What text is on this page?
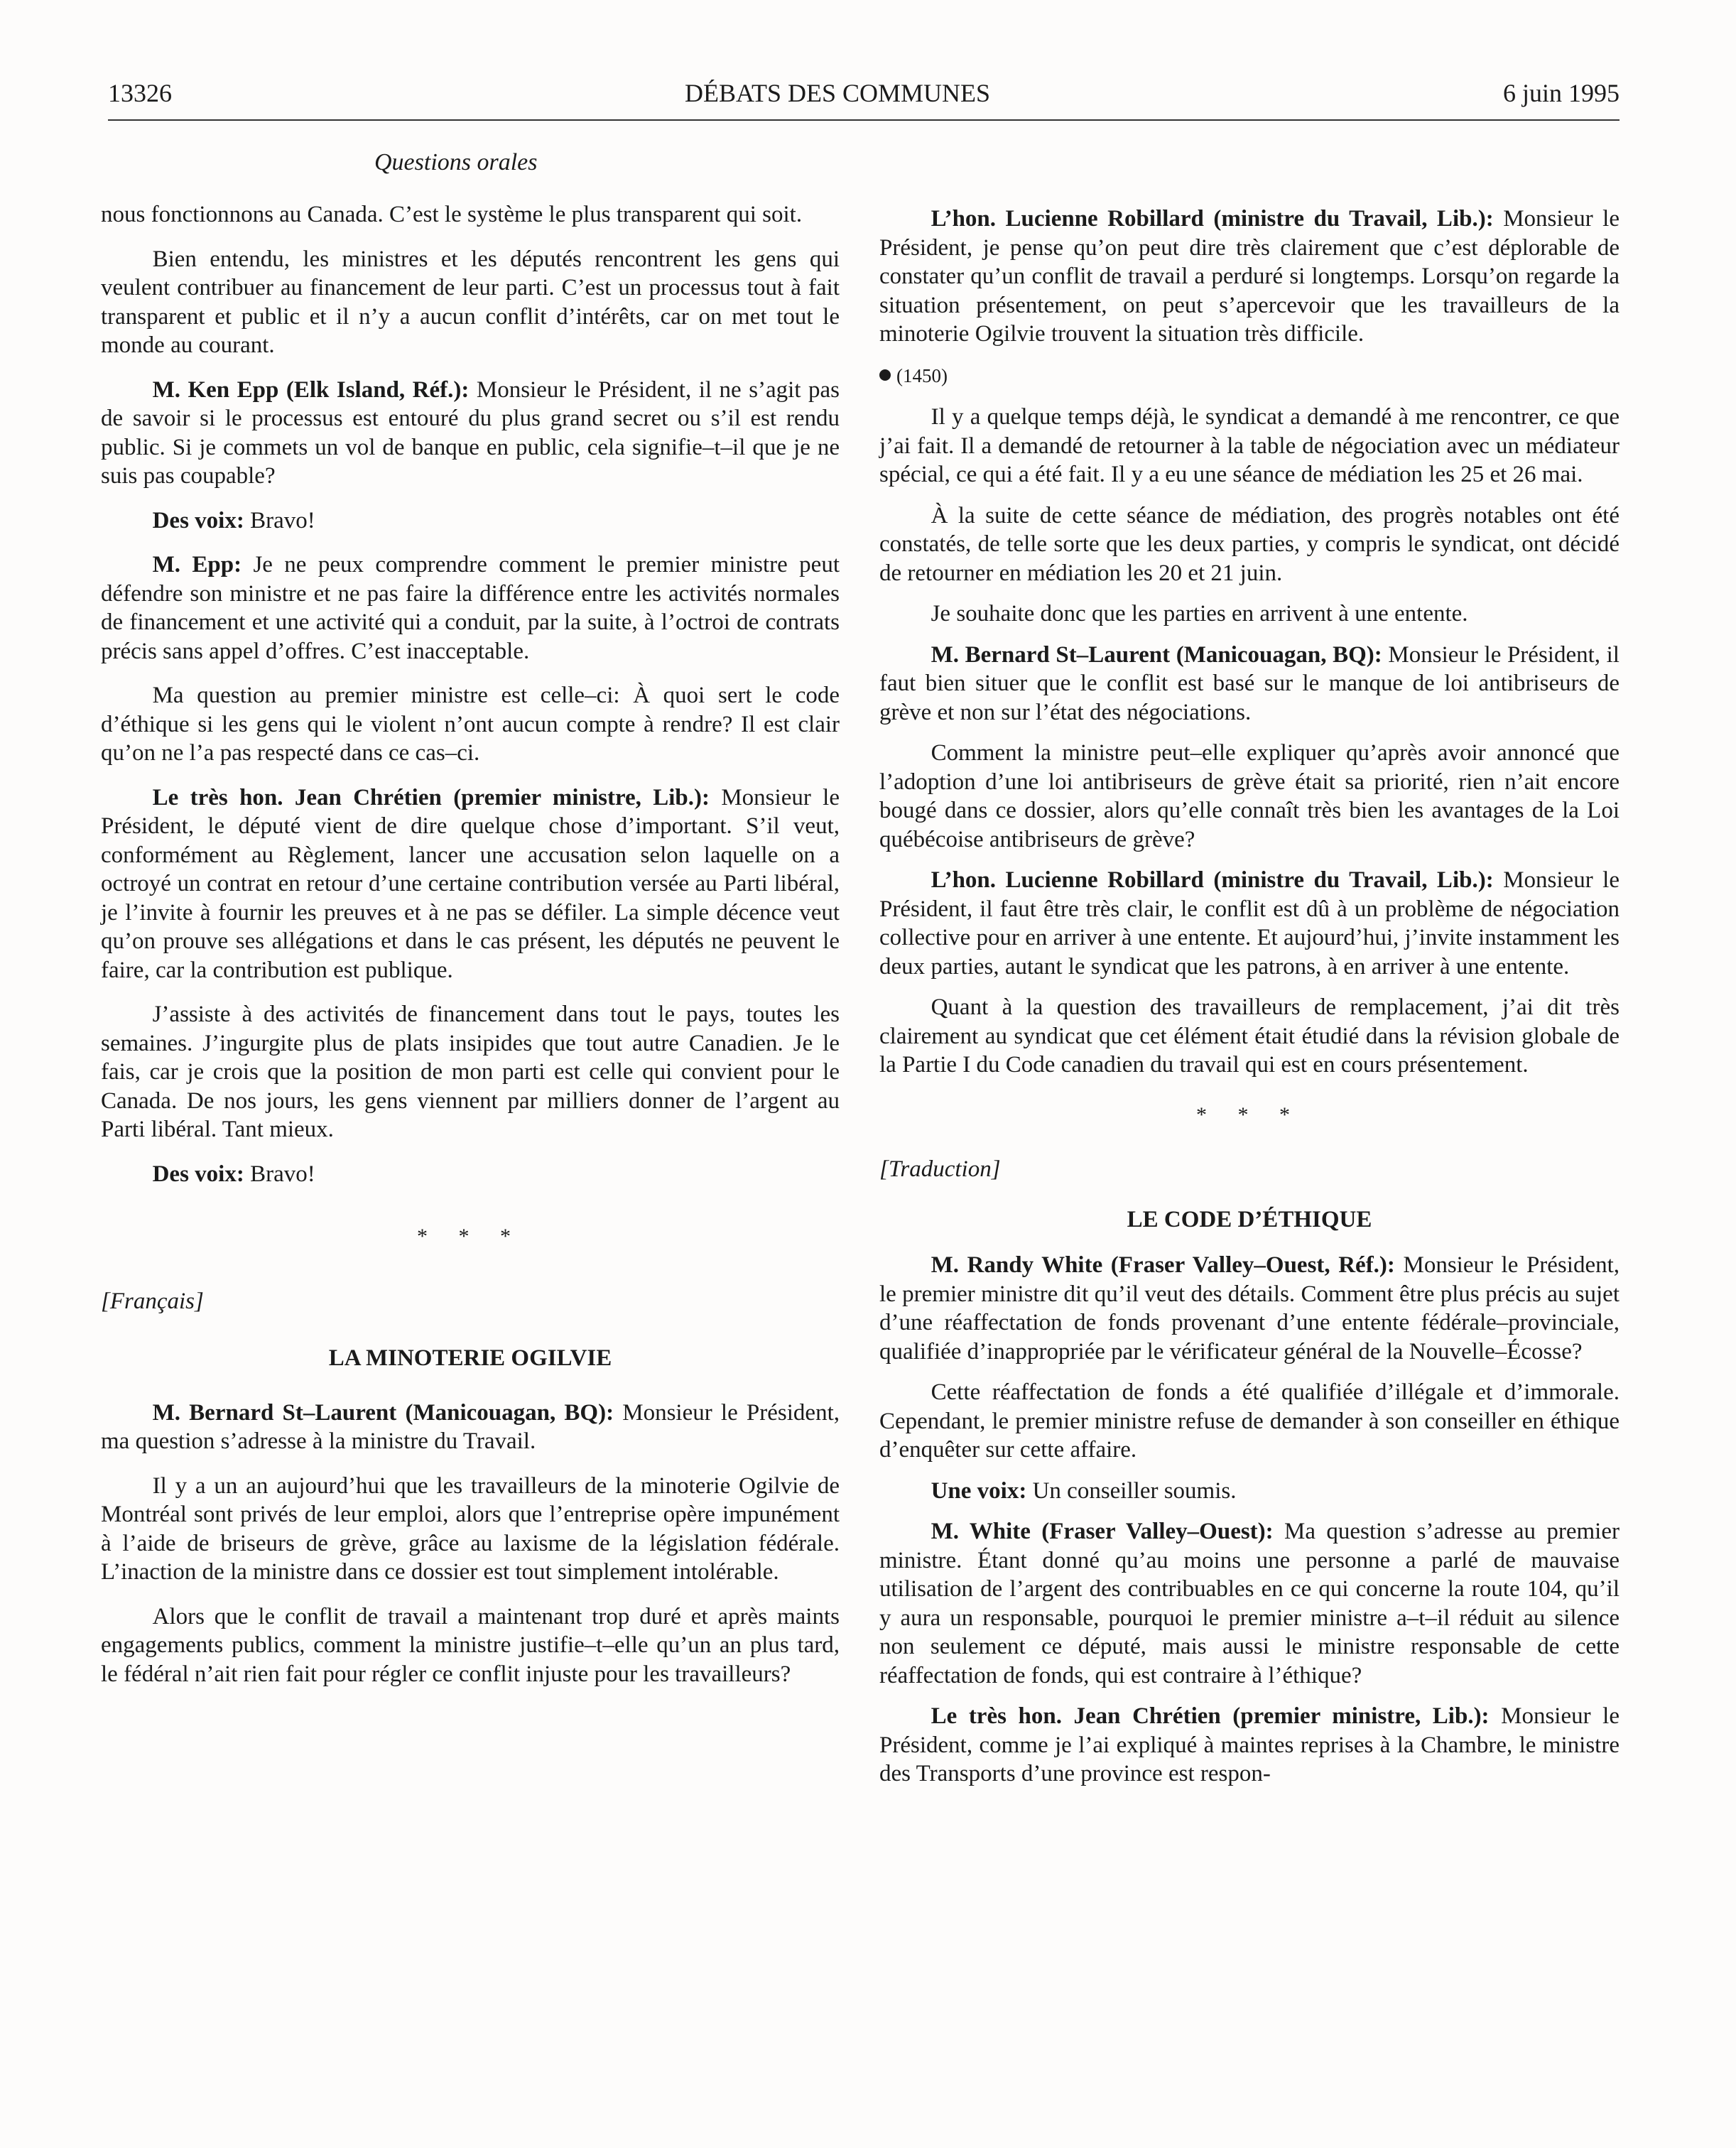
13326	DÉBATS DES COMMUNES	6 juin 1995
Questions orales

nous fonctionnons au Canada. C’est le système le plus transparent qui soit.

Bien entendu, les ministres et les députés rencontrent les gens qui veulent contribuer au financement de leur parti. C’est un processus tout à fait transparent et public et il n’y a aucun conflit d’intérêts, car on met tout le monde au courant.

M. Ken Epp (Elk Island, Réf.): Monsieur le Président, il ne s’agit pas de savoir si le processus est entouré du plus grand secret ou s’il est rendu public. Si je commets un vol de banque en public, cela signifie–t–il que je ne suis pas coupable?

Des voix: Bravo!

M. Epp: Je ne peux comprendre comment le premier ministre peut défendre son ministre et ne pas faire la différence entre les activités normales de financement et une activité qui a conduit, par la suite, à l’octroi de contrats précis sans appel d’offres. C’est inacceptable.

Ma question au premier ministre est celle–ci: À quoi sert le code d’éthique si les gens qui le violent n’ont aucun compte à rendre? Il est clair qu’on ne l’a pas respecté dans ce cas–ci.

Le très hon. Jean Chrétien (premier ministre, Lib.): Monsieur le Président, le député vient de dire quelque chose d’important. S’il veut, conformément au Règlement, lancer une accusation selon laquelle on a octroyé un contrat en retour d’une certaine contribution versée au Parti libéral, je l’invite à fournir les preuves et à ne pas se défiler. La simple décence veut qu’on prouve ses allégations et dans le cas présent, les députés ne peuvent le faire, car la contribution est publique.

J’assiste à des activités de financement dans tout le pays, toutes les semaines. J’ingurgite plus de plats insipides que tout autre Canadien. Je le fais, car je crois que la position de mon parti est celle qui convient pour le Canada. De nos jours, les gens viennent par milliers donner de l’argent au Parti libéral. Tant mieux.

Des voix: Bravo!

* * *

[Français]

LA MINOTERIE OGILVIE

M. Bernard St–Laurent (Manicouagan, BQ): Monsieur le Président, ma question s’adresse à la ministre du Travail.

Il y a un an aujourd’hui que les travailleurs de la minoterie Ogilvie de Montréal sont privés de leur emploi, alors que l’entreprise opère impunément à l’aide de briseurs de grève, grâce au laxisme de la législation fédérale. L’inaction de la ministre dans ce dossier est tout simplement intolérable.

Alors que le conflit de travail a maintenant trop duré et après maints engagements publics, comment la ministre justifie–t–elle qu’un an plus tard, le fédéral n’ait rien fait pour régler ce conflit injuste pour les travailleurs?

L’hon. Lucienne Robillard (ministre du Travail, Lib.): Monsieur le Président, je pense qu’on peut dire très clairement que c’est déplorable de constater qu’un conflit de travail a perduré si longtemps. Lorsqu’on regarde la situation présentement, on peut s’apercevoir que les travailleurs de la minoterie Ogilvie trouvent la situation très difficile.

(1450)

Il y a quelque temps déjà, le syndicat a demandé à me rencontrer, ce que j’ai fait. Il a demandé de retourner à la table de négociation avec un médiateur spécial, ce qui a été fait. Il y a eu une séance de médiation les 25 et 26 mai.

À la suite de cette séance de médiation, des progrès notables ont été constatés, de telle sorte que les deux parties, y compris le syndicat, ont décidé de retourner en médiation les 20 et 21 juin.

Je souhaite donc que les parties en arrivent à une entente.

M. Bernard St–Laurent (Manicouagan, BQ): Monsieur le Président, il faut bien situer que le conflit est basé sur le manque de loi antibriseurs de grève et non sur l’état des négociations.

Comment la ministre peut–elle expliquer qu’après avoir annoncé que l’adoption d’une loi antibriseurs de grève était sa priorité, rien n’ait encore bougé dans ce dossier, alors qu’elle connaît très bien les avantages de la Loi québécoise antibriseurs de grève?

L’hon. Lucienne Robillard (ministre du Travail, Lib.): Monsieur le Président, il faut être très clair, le conflit est dû à un problème de négociation collective pour en arriver à une entente. Et aujourd’hui, j’invite instamment les deux parties, autant le syndicat que les patrons, à en arriver à une entente.

Quant à la question des travailleurs de remplacement, j’ai dit très clairement au syndicat que cet élément était étudié dans la révision globale de la Partie I du Code canadien du travail qui est en cours présentement.

* * *

[Traduction]

LE CODE D’ÉTHIQUE

M. Randy White (Fraser Valley–Ouest, Réf.): Monsieur le Président, le premier ministre dit qu’il veut des détails. Comment être plus précis au sujet d’une réaffectation de fonds provenant d’une entente fédérale–provinciale, qualifiée d’inappropriée par le vérificateur général de la Nouvelle–Écosse?

Cette réaffectation de fonds a été qualifiée d’illégale et d’immorale. Cependant, le premier ministre refuse de demander à son conseiller en éthique d’enquêter sur cette affaire.

Une voix: Un conseiller soumis.

M. White (Fraser Valley–Ouest): Ma question s’adresse au premier ministre. Étant donné qu’au moins une personne a parlé de mauvaise utilisation de l’argent des contribuables en ce qui concerne la route 104, qu’il y aura un responsable, pourquoi le premier ministre a–t–il réduit au silence non seulement ce député, mais aussi le ministre responsable de cette réaffectation de fonds, qui est contraire à l’éthique?

Le très hon. Jean Chrétien (premier ministre, Lib.): Monsieur le Président, comme je l’ai expliqué à maintes reprises à la Chambre, le ministre des Transports d’une province est respon-
